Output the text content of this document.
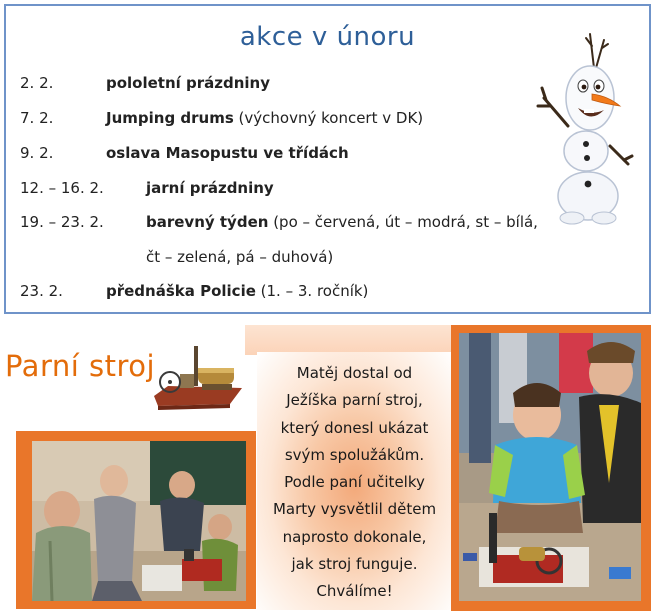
akce v únoru
2. 2.	pololetní prázdniny
7. 2.	Jumping drums (výchovný koncert v DK)
9. 2.	oslava Masopustu ve třídách
12. – 16. 2.	jarní prázdniny
19. – 23. 2.	barevný týden (po – červená, út – modrá, st – bílá,
čt – zelená, pá – duhová)
23. 2.	přednáška Policie (1. – 3. ročník)
Parní stroj	Matěj dostal od
Ježíška parní stroj,
který donesl ukázat
svým spolužákům.
Podle paní učitelky
Marty vysvětlil dětem
naprosto dokonale,
jak stroj funguje.
Chválíme!
